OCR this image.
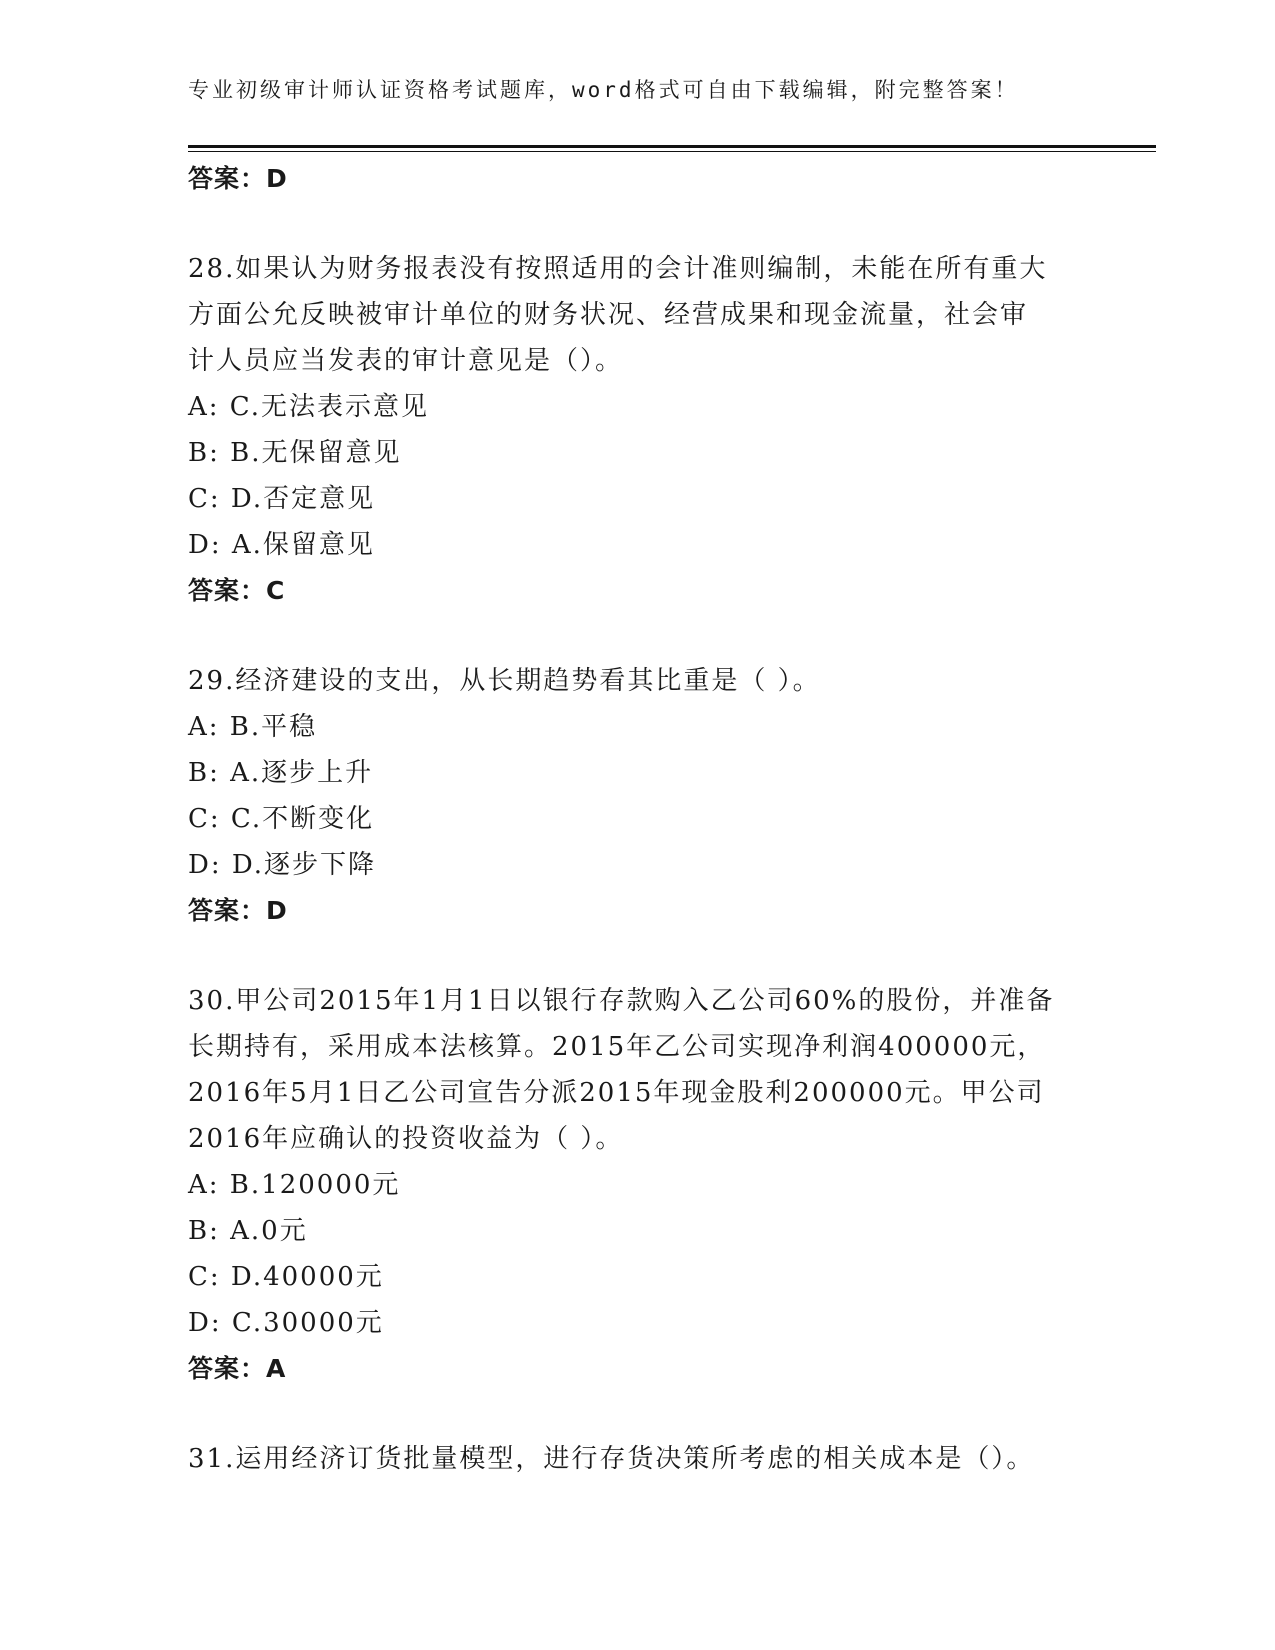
专业初级审计师认证资格考试题库，word格式可自由下载编辑，附完整答案！
答案：D
28.如果认为财务报表没有按照适用的会计准则编制，未能在所有重大
方面公允反映被审计单位的财务状况、经营成果和现金流量，社会审
计人员应当发表的审计意见是（）。
A: C.无法表示意见
B: B.无保留意见
C: D.否定意见
D: A.保留意见
答案：C
29.经济建设的支出，从长期趋势看其比重是（ ）。
A: B.平稳
B: A.逐步上升
C: C.不断变化
D: D.逐步下降
答案：D
30.甲公司2015年1月1日以银行存款购入乙公司60%的股份，并准备
长期持有，采用成本法核算。2015年乙公司实现净利润400000元，
2016年5月1日乙公司宣告分派2015年现金股利200000元。甲公司
2016年应确认的投资收益为（ ）。
A: B.120000元
B: A.0元
C: D.40000元
D: C.30000元
答案：A
31.运用经济订货批量模型，进行存货决策所考虑的相关成本是（）。
